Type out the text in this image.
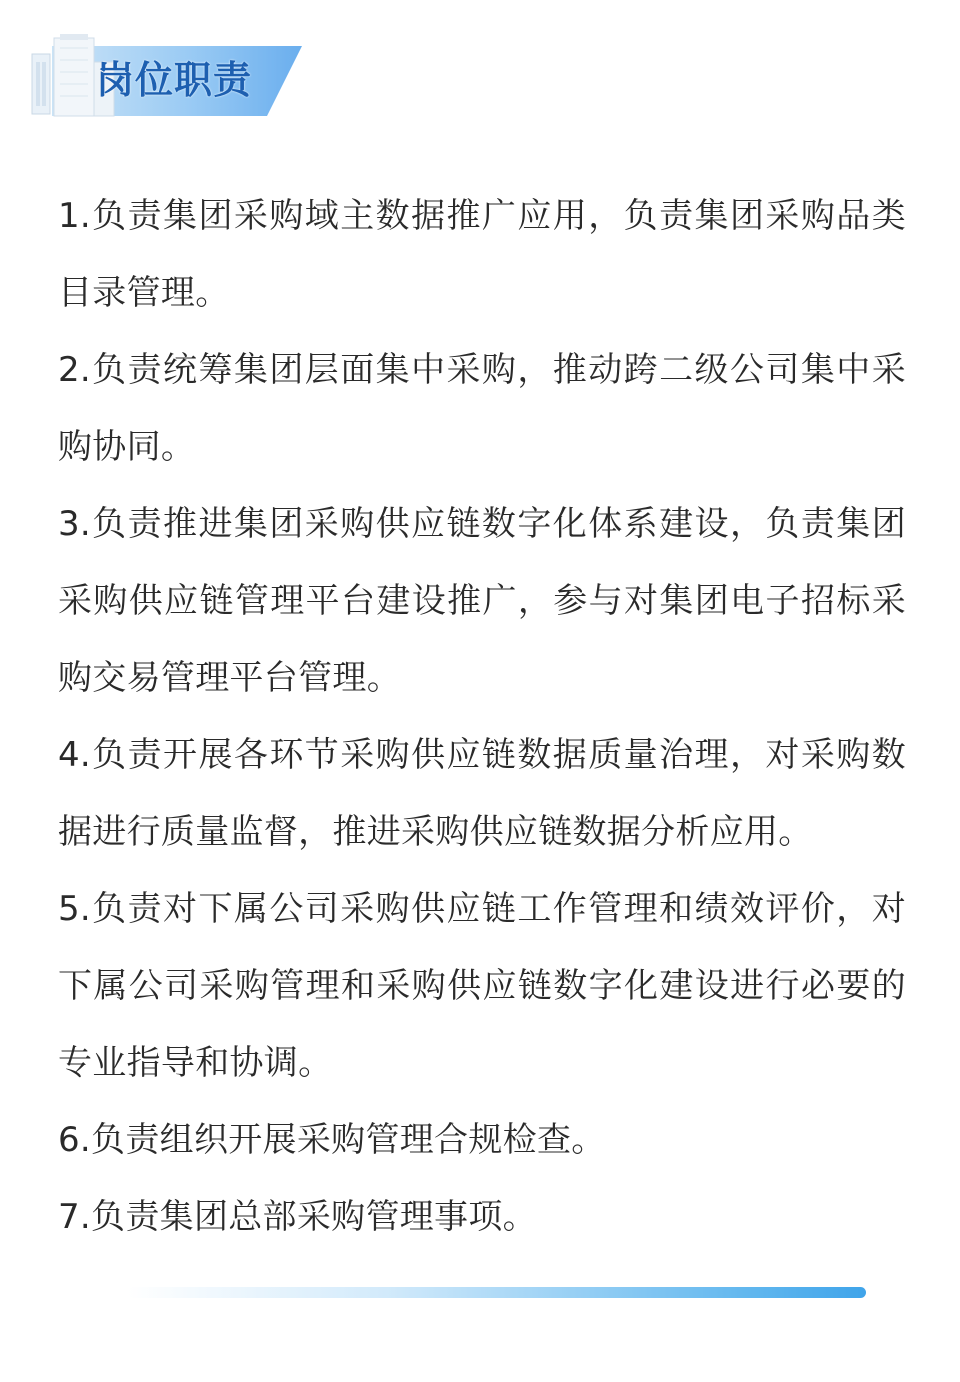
岗位职责

1.负责集团采购域主数据推广应用，负责集团采购品类目录管理。

2.负责统筹集团层面集中采购，推动跨二级公司集中采购协同。

3.负责推进集团采购供应链数字化体系建设，负责集团采购供应链管理平台建设推广，参与对集团电子招标采购交易管理平台管理。

4.负责开展各环节采购供应链数据质量治理，对采购数据进行质量监督，推进采购供应链数据分析应用。

5.负责对下属公司采购供应链工作管理和绩效评价，对下属公司采购管理和采购供应链数字化建设进行必要的专业指导和协调。

6.负责组织开展采购管理合规检查。

7.负责集团总部采购管理事项。
